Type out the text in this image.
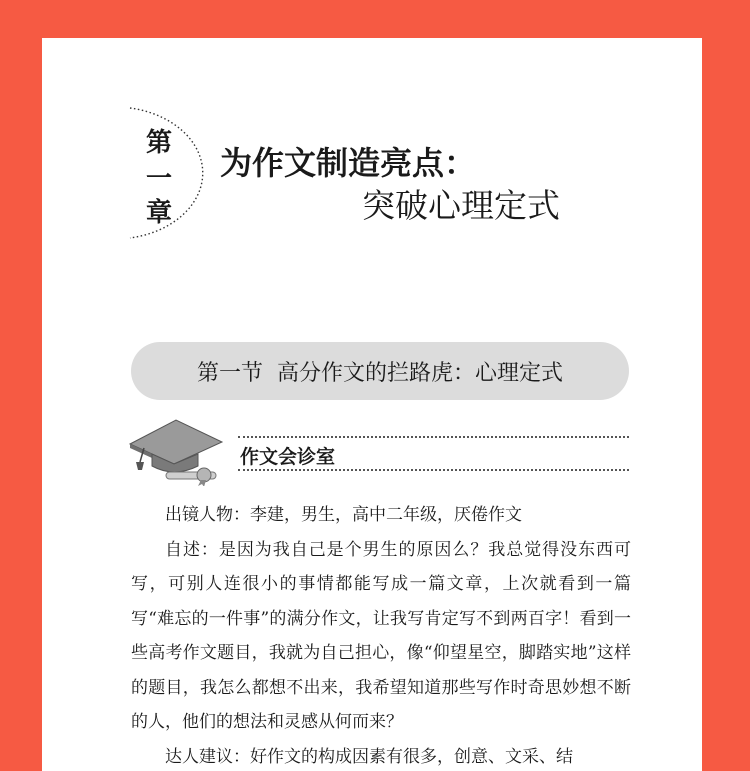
第
一
章
为作文制造亮点：
突破心理定式
第一节  高分作文的拦路虎：心理定式
作文会诊室

出镜人物：李建，男生，高中二年级，厌倦作文

自述：是因为我自己是个男生的原因么？我总觉得没东西可写，可别人连很小的事情都能写成一篇文章，上次就看到一篇写“难忘的一件事”的满分作文，让我写肯定写不到两百字！看到一些高考作文题目，我就为自己担心，像“仰望星空，脚踏实地”这样的题目，我怎么都想不出来，我希望知道那些写作时奇思妙想不断的人，他们的想法和灵感从何而来？

达人建议：好作文的构成因素有很多，创意、文采、结
